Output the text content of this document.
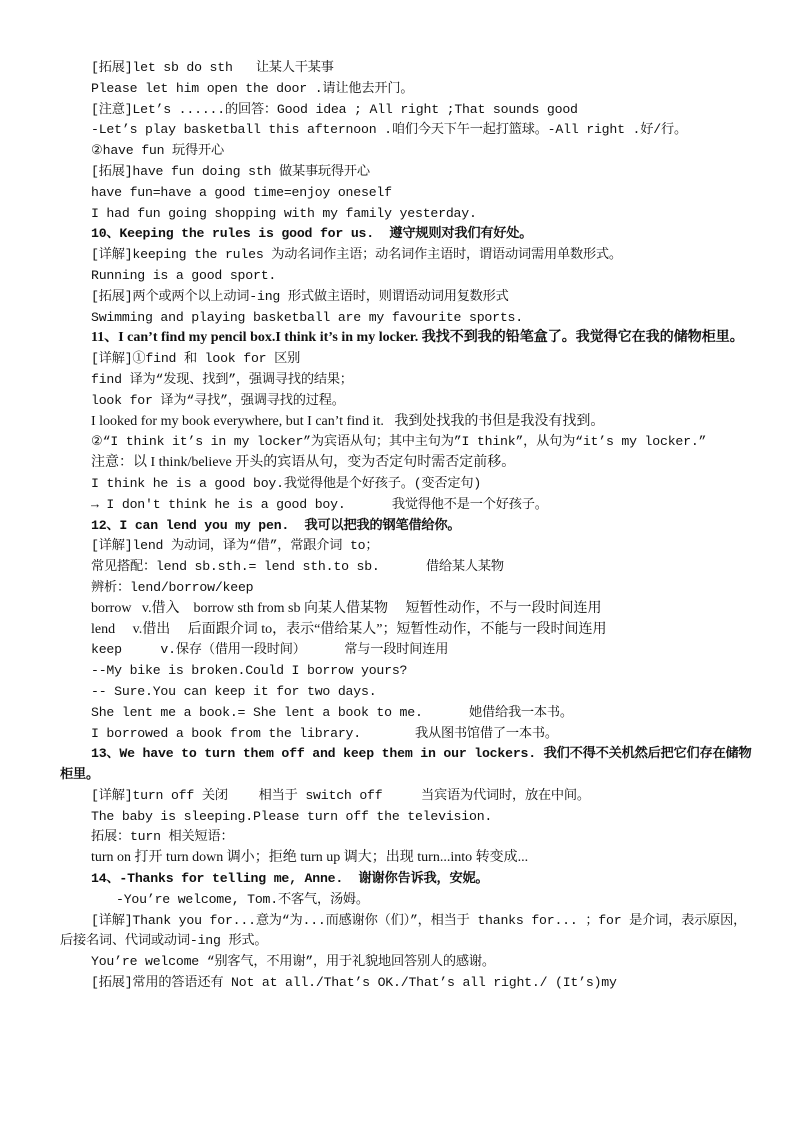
[拓展]let sb do sth   让某人干某事
Please let him open the door .请让他去开门。
[注意]Let’s ......的回答：Good idea ; All right ;That sounds good
-Let’s play basketball this afternoon .咱们今天下午一起打篮球。-All right .好/行。
②have fun 玩得开心
[拓展]have fun doing sth 做某事玩得开心
have fun=have a good time=enjoy oneself
I had fun going shopping with my family yesterday.
10、Keeping the rules is good for us.  遵守规则对我们有好处。
[详解]keeping the rules 为动名词作主语；动名词作主语时，谓语动词需用单数形式。
Running is a good sport.
[拓展]两个或两个以上动词-ing 形式做主语时，则谓语动词用复数形式
Swimming and playing basketball are my favourite sports.
11、I can’t find my pencil box.I think it’s in my locker. 我找不到我的铅笔盒了。我觉得它在我的储物柜里。
[详解]①find 和 look for 区别
find 译为“发现、找到”，强调寻找的结果；
look for 译为“寻找”，强调寻找的过程。
I looked for my book everywhere, but I can’t find it.   我到处找我的书但是我没有找到。
②“I think it’s in my locker”为宾语从句；其中主句为”I think”，从句为“it’s my locker.”
注意：以 I think/believe 开头的宾语从句，变为否定句时需否定前移。
I think he is a good boy.我觉得他是个好孩子。(变否定句)
→ I don't think he is a good boy.      我觉得他不是一个好孩子。
12、I can lend you my pen.  我可以把我的钢笔借给你。
[详解]lend 为动词，译为“借”，常跟介词 to；
常见搭配：lend sb.sth.= lend sth.to sb.      借给某人某物
辨析：lend/borrow/keep
borrow   v.借入    borrow sth from sb 向某人借某物     短暂性动作，不与一段时间连用
lend     v.借出     后面跟介词 to，表示“借给某人”；短暂性动作，不能与一段时间连用
keep     v.保存（借用一段时间）     常与一段时间连用
--My bike is broken.Could I borrow yours?
-- Sure.You can keep it for two days.
She lent me a book.= She lent a book to me.      她借给我一本书。
I borrowed a book from the library.       我从图书馆借了一本书。
13、We have to turn them off and keep them in our lockers. 我们不得不关机然后把它们存在储物柜里。
[详解]turn off 关闭    相当于 switch off     当宾语为代词时，放在中间。
The baby is sleeping.Please turn off the television.
拓展：turn 相关短语：
turn on 打开 turn down 调小；拒绝 turn up 调大；出现 turn...into 转变成...
14、-Thanks for telling me, Anne.  谢谢你告诉我，安妮。
-You’re welcome, Tom.不客气，汤姆。
[详解]Thank you for...意为“为...而感谢你（们）”，相当于 thanks for... ；for 是介词，表示原因，后接名词、代词或动词-ing 形式。
You’re welcome “别客气，不用谢”，用于礼貌地回答别人的感谢。
[拓展]常用的答语还有 Not at all./That’s OK./That’s all right./ (It’s)my
